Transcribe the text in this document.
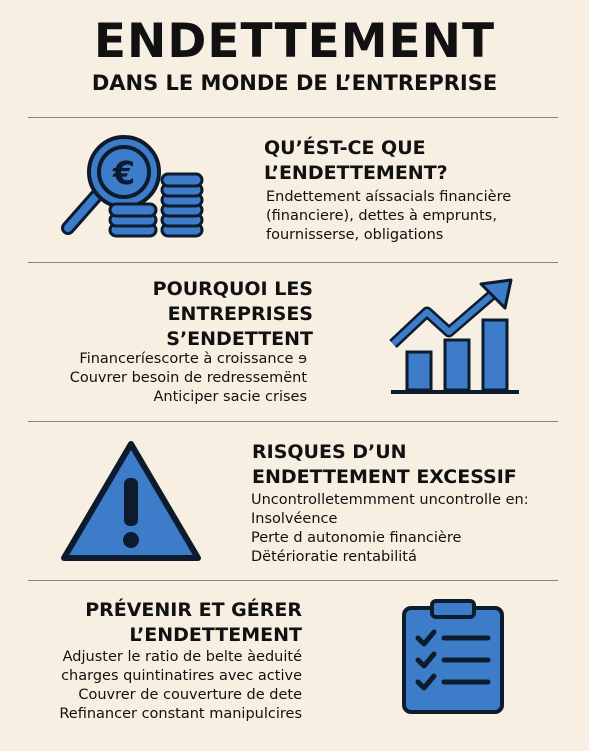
ENDETTEMENT
DANS LE MONDE DE L’ENTREPRISE
€
QU’ÉST-CE QUE
L’ENDETTEMENT?
Endettement aíssacials financière
(financiere), dettes à emprunts,
fournisserse, obligations
POURQUOI LES
ENTREPRISES
S’ENDETTENT
Financeríescorte à croissance ɘ
Couvrer besoin de redressemënt
Anticiper sacie crises
RISQUES D’UN
ENDETTEMENT EXCESSIF
Uncontrolletemmment uncontrolle en:
Insolvéence
Perte d autonomie financière
Dëtérioratie rentabilitá
PRÉVENIR ET GÉRER
L’ENDETTEMENT
Adjuster le ratio de belte àeduité
charges quintinatires avec active
Couvrer de couverture de dete
Refinancer constant manipulcires
